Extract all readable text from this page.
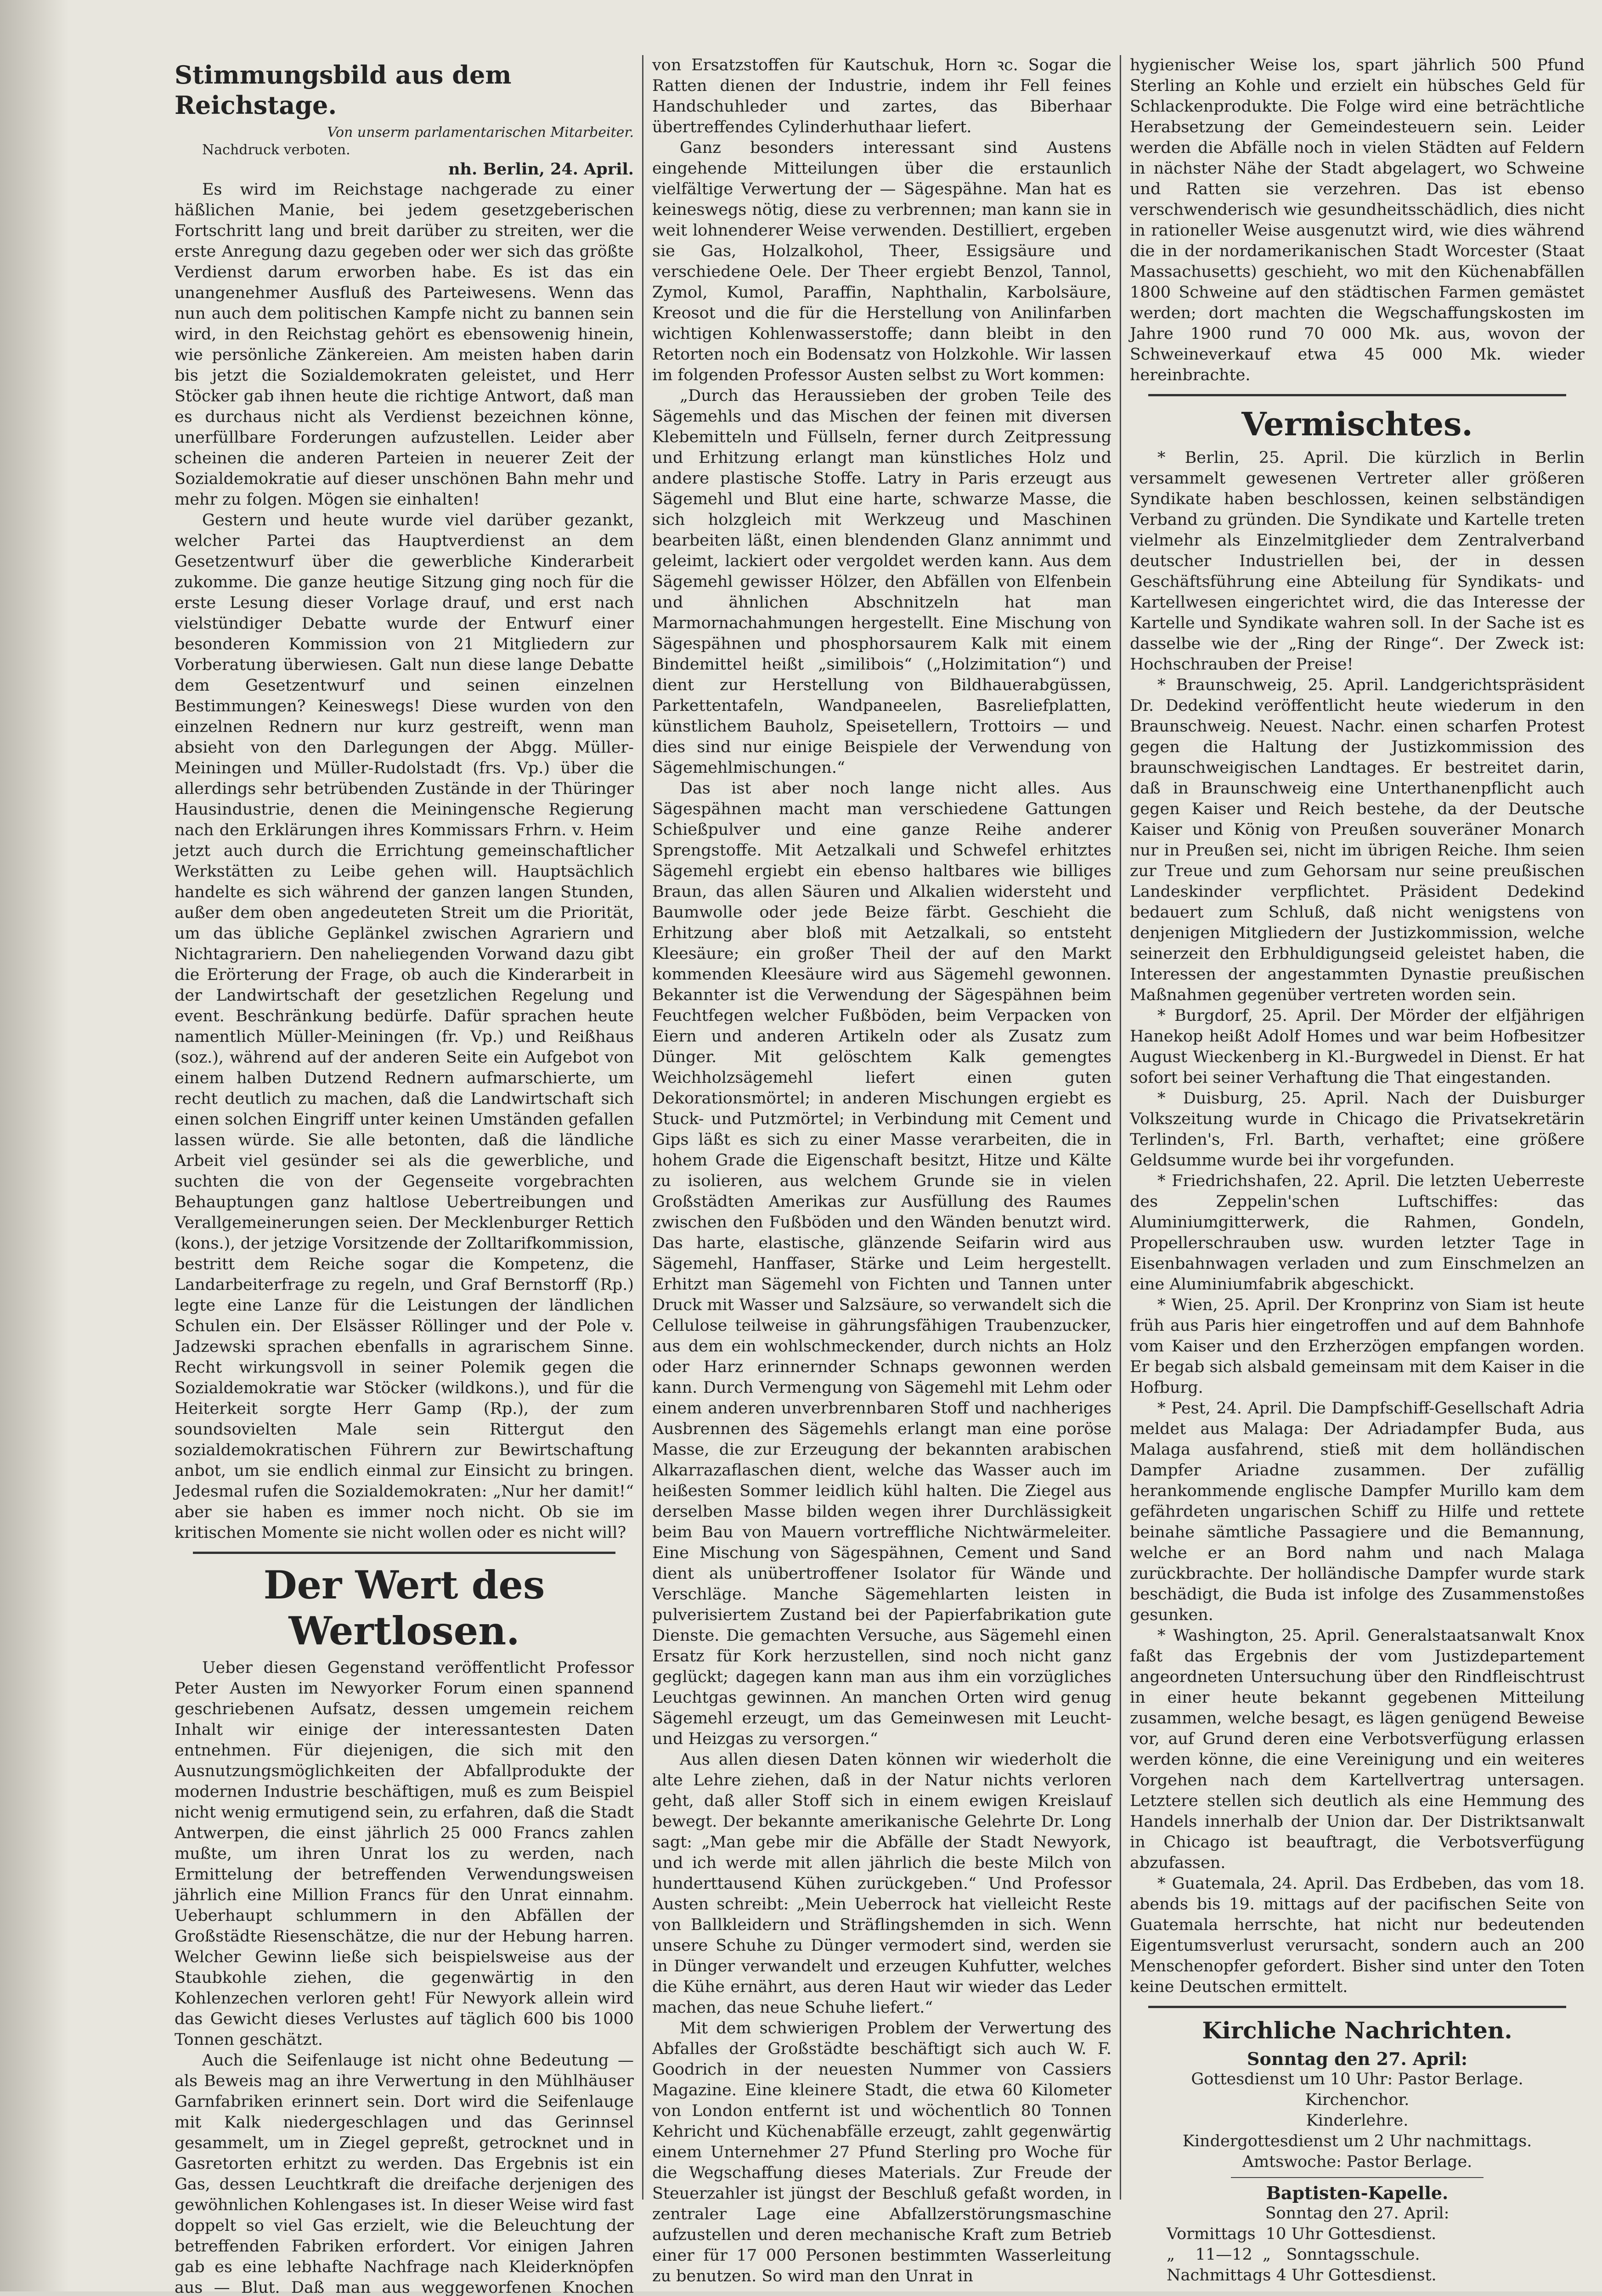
Stimmungsbild aus dem Reichstage.

Von unserm parlamentarischen Mitarbeiter.

Nachdruck verboten.

nh. Berlin, 24. April.

Es wird im Reichstage nachgerade zu einer häßlichen Manie, bei jedem gesetzgeberischen Fortschritt lang und breit darüber zu streiten, wer die erste Anregung dazu gegeben oder wer sich das größte Verdienst darum erworben habe. Es ist das ein unangenehmer Ausfluß des Parteiwesens. Wenn das nun auch dem politischen Kampfe nicht zu bannen sein wird, in den Reichstag gehört es ebensowenig hinein, wie persönliche Zänkereien. Am meisten haben darin bis jetzt die Sozialdemokraten geleistet, und Herr Stöcker gab ihnen heute die richtige Antwort, daß man es durchaus nicht als Verdienst bezeichnen könne, unerfüllbare Forderungen aufzustellen. Leider aber scheinen die anderen Parteien in neuerer Zeit der Sozialdemokratie auf dieser unschönen Bahn mehr und mehr zu folgen. Mögen sie einhalten!

Gestern und heute wurde viel darüber gezankt, welcher Partei das Hauptverdienst an dem Gesetzentwurf über die gewerbliche Kinderarbeit zukomme. Die ganze heutige Sitzung ging noch für die erste Lesung dieser Vorlage drauf, und erst nach vielstündiger Debatte wurde der Entwurf einer besonderen Kommission von 21 Mitgliedern zur Vorberatung überwiesen. Galt nun diese lange Debatte dem Gesetzentwurf und seinen einzelnen Bestimmungen? Keineswegs! Diese wurden von den einzelnen Rednern nur kurz gestreift, wenn man absieht von den Darlegungen der Abgg. Müller-Meiningen und Müller-Rudolstadt (frs. Vp.) über die allerdings sehr betrübenden Zustände in der Thüringer Hausindustrie, denen die Meiningensche Regierung nach den Erklärungen ihres Kommissars Frhrn. v. Heim jetzt auch durch die Errichtung gemeinschaftlicher Werkstätten zu Leibe gehen will. Hauptsächlich handelte es sich während der ganzen langen Stunden, außer dem oben angedeuteten Streit um die Priorität, um das übliche Geplänkel zwischen Agrariern und Nichtagrariern. Den naheliegenden Vorwand dazu gibt die Erörterung der Frage, ob auch die Kinderarbeit in der Landwirtschaft der gesetzlichen Regelung und event. Beschränkung bedürfe. Dafür sprachen heute namentlich Müller-Meiningen (fr. Vp.) und Reißhaus (soz.), während auf der anderen Seite ein Aufgebot von einem halben Dutzend Rednern aufmarschierte, um recht deutlich zu machen, daß die Landwirtschaft sich einen solchen Eingriff unter keinen Umständen gefallen lassen würde. Sie alle betonten, daß die ländliche Arbeit viel gesünder sei als die gewerbliche, und suchten die von der Gegenseite vorgebrachten Behauptungen ganz haltlose Uebertreibungen und Verallgemeinerungen seien. Der Mecklenburger Rettich (kons.), der jetzige Vorsitzende der Zolltarifkommission, bestritt dem Reiche sogar die Kompetenz, die Landarbeiterfrage zu regeln, und Graf Bernstorff (Rp.) legte eine Lanze für die Leistungen der ländlichen Schulen ein. Der Elsässer Röllinger und der Pole v. Jadzewski sprachen ebenfalls in agrarischem Sinne. Recht wirkungsvoll in seiner Polemik gegen die Sozialdemokratie war Stöcker (wildkons.), und für die Heiterkeit sorgte Herr Gamp (Rp.), der zum soundsovielten Male sein Rittergut den sozialdemokratischen Führern zur Bewirtschaftung anbot, um sie endlich einmal zur Einsicht zu bringen. Jedesmal rufen die Sozialdemokraten: „Nur her damit!“ aber sie haben es immer noch nicht. Ob sie im kritischen Momente sie nicht wollen oder es nicht will?

Der Wert des Wertlosen.

Ueber diesen Gegenstand veröffentlicht Professor Peter Austen im Newyorker Forum einen spannend geschriebenen Aufsatz, dessen umgemein reichem Inhalt wir einige der interessantesten Daten entnehmen. Für diejenigen, die sich mit den Ausnutzungsmöglichkeiten der Abfallprodukte der modernen Industrie beschäftigen, muß es zum Beispiel nicht wenig ermutigend sein, zu erfahren, daß die Stadt Antwerpen, die einst jährlich 25 000 Francs zahlen mußte, um ihren Unrat los zu werden, nach Ermittelung der betreffenden Verwendungsweisen jährlich eine Million Francs für den Unrat einnahm. Ueberhaupt schlummern in den Abfällen der Großstädte Riesenschätze, die nur der Hebung harren. Welcher Gewinn ließe sich beispielsweise aus der Staubkohle ziehen, die gegenwärtig in den Kohlenzechen verloren geht! Für Newyork allein wird das Gewicht dieses Verlustes auf täglich 600 bis 1000 Tonnen geschätzt.

Auch die Seifenlauge ist nicht ohne Bedeutung — als Beweis mag an ihre Verwertung in den Mühlhäuser Garnfabriken erinnert sein. Dort wird die Seifenlauge mit Kalk niedergeschlagen und das Gerinnsel gesammelt, um in Ziegel gepreßt, getrocknet und in Gasretorten erhitzt zu werden. Das Ergebnis ist ein Gas, dessen Leuchtkraft die dreifache derjenigen des gewöhnlichen Kohlengases ist. In dieser Weise wird fast doppelt so viel Gas erzielt, wie die Beleuchtung der betreffenden Fabriken erfordert. Vor einigen Jahren gab es eine lebhafte Nachfrage nach Kleiderknöpfen aus — Blut. Daß man aus weggeworfenen Knochen

von Ersatzstoffen für Kautschuk, Horn ꝛc. Sogar die Ratten dienen der Industrie, indem ihr Fell feines Handschuhleder und zartes, das Biberhaar übertreffendes Cylinderhuthaar liefert.

Ganz besonders interessant sind Austens eingehende Mitteilungen über die erstaunlich vielfältige Verwertung der — Sägespähne. Man hat es keineswegs nötig, diese zu verbrennen; man kann sie in weit lohnenderer Weise verwenden. Destilliert, ergeben sie Gas, Holzalkohol, Theer, Essigsäure und verschiedene Oele. Der Theer ergiebt Benzol, Tannol, Zymol, Kumol, Paraffin, Naphthalin, Karbolsäure, Kreosot und die für die Herstellung von Anilinfarben wichtigen Kohlenwasserstoffe; dann bleibt in den Retorten noch ein Bodensatz von Holzkohle. Wir lassen im folgenden Professor Austen selbst zu Wort kommen:

„Durch das Heraussieben der groben Teile des Sägemehls und das Mischen der feinen mit diversen Klebemitteln und Füllseln, ferner durch Zeitpressung und Erhitzung erlangt man künstliches Holz und andere plastische Stoffe. Latry in Paris erzeugt aus Sägemehl und Blut eine harte, schwarze Masse, die sich holzgleich mit Werkzeug und Maschinen bearbeiten läßt, einen blendenden Glanz annimmt und geleimt, lackiert oder vergoldet werden kann. Aus dem Sägemehl gewisser Hölzer, den Abfällen von Elfenbein und ähnlichen Abschnitzeln hat man Marmornachahmungen hergestellt. Eine Mischung von Sägespähnen und phosphorsaurem Kalk mit einem Bindemittel heißt „similibois“ („Holzimitation“) und dient zur Herstellung von Bildhauerabgüssen, Parkettentafeln, Wandpaneelen, Basreliefplatten, künstlichem Bauholz, Speisetellern, Trottoirs — und dies sind nur einige Beispiele der Verwendung von Sägemehlmischungen.“

Das ist aber noch lange nicht alles. Aus Sägespähnen macht man verschiedene Gattungen Schießpulver und eine ganze Reihe anderer Sprengstoffe. Mit Aetzalkali und Schwefel erhitztes Sägemehl ergiebt ein ebenso haltbares wie billiges Braun, das allen Säuren und Alkalien widersteht und Baumwolle oder jede Beize färbt. Geschieht die Erhitzung aber bloß mit Aetzalkali, so entsteht Kleesäure; ein großer Theil der auf den Markt kommenden Kleesäure wird aus Sägemehl gewonnen. Bekannter ist die Verwendung der Sägespähnen beim Feuchtfegen welcher Fußböden, beim Verpacken von Eiern und anderen Artikeln oder als Zusatz zum Dünger. Mit gelöschtem Kalk gemengtes Weichholzsägemehl liefert einen guten Dekorationsmörtel; in anderen Mischungen ergiebt es Stuck- und Putzmörtel; in Verbindung mit Cement und Gips läßt es sich zu einer Masse verarbeiten, die in hohem Grade die Eigenschaft besitzt, Hitze und Kälte zu isolieren, aus welchem Grunde sie in vielen Großstädten Amerikas zur Ausfüllung des Raumes zwischen den Fußböden und den Wänden benutzt wird. Das harte, elastische, glänzende Seifarin wird aus Sägemehl, Hanffaser, Stärke und Leim hergestellt. Erhitzt man Sägemehl von Fichten und Tannen unter Druck mit Wasser und Salzsäure, so verwandelt sich die Cellulose teilweise in gährungsfähigen Traubenzucker, aus dem ein wohlschmeckender, durch nichts an Holz oder Harz erinnernder Schnaps gewonnen werden kann. Durch Vermengung von Sägemehl mit Lehm oder einem anderen unverbrennbaren Stoff und nachheriges Ausbrennen des Sägemehls erlangt man eine poröse Masse, die zur Erzeugung der bekannten arabischen Alkarrazaflaschen dient, welche das Wasser auch im heißesten Sommer leidlich kühl halten. Die Ziegel aus derselben Masse bilden wegen ihrer Durchlässigkeit beim Bau von Mauern vortreffliche Nichtwärmeleiter. Eine Mischung von Sägespähnen, Cement und Sand dient als unübertroffener Isolator für Wände und Verschläge. Manche Sägemehlarten leisten in pulverisiertem Zustand bei der Papierfabrikation gute Dienste. Die gemachten Versuche, aus Sägemehl einen Ersatz für Kork herzustellen, sind noch nicht ganz geglückt; dagegen kann man aus ihm ein vorzügliches Leuchtgas gewinnen. An manchen Orten wird genug Sägemehl erzeugt, um das Gemeinwesen mit Leucht- und Heizgas zu versorgen.“

Aus allen diesen Daten können wir wiederholt die alte Lehre ziehen, daß in der Natur nichts verloren geht, daß aller Stoff sich in einem ewigen Kreislauf bewegt. Der bekannte amerikanische Gelehrte Dr. Long sagt: „Man gebe mir die Abfälle der Stadt Newyork, und ich werde mit allen jährlich die beste Milch von hunderttausend Kühen zurückgeben.“ Und Professor Austen schreibt: „Mein Ueberrock hat vielleicht Reste von Ballkleidern und Sträflingshemden in sich. Wenn unsere Schuhe zu Dünger vermodert sind, werden sie in Dünger verwandelt und erzeugen Kuhfutter, welches die Kühe ernährt, aus deren Haut wir wieder das Leder machen, das neue Schuhe liefert.“

Mit dem schwierigen Problem der Verwertung des Abfalles der Großstädte beschäftigt sich auch W. F. Goodrich in der neuesten Nummer von Cassiers Magazine. Eine kleinere Stadt, die etwa 60 Kilometer von London entfernt ist und wöchentlich 80 Tonnen Kehricht und Küchenabfälle erzeugt, zahlt gegenwärtig einem Unternehmer 27 Pfund Sterling pro Woche für die Wegschaffung dieses Materials. Zur Freude der Steuerzahler ist jüngst der Beschluß gefaßt worden, in zentraler Lage eine Abfallzerstörungsmaschine aufzustellen und deren mechanische Kraft zum Betrieb einer für 17 000 Personen bestimmten Wasserleitung zu benutzen. So wird man den Unrat in

hygienischer Weise los, spart jährlich 500 Pfund Sterling an Kohle und erzielt ein hübsches Geld für Schlackenprodukte. Die Folge wird eine beträchtliche Herabsetzung der Gemeindesteuern sein. Leider werden die Abfälle noch in vielen Städten auf Feldern in nächster Nähe der Stadt abgelagert, wo Schweine und Ratten sie verzehren. Das ist ebenso verschwenderisch wie gesundheitsschädlich, dies nicht in rationeller Weise ausgenutzt wird, wie dies während die in der nordamerikanischen Stadt Worcester (Staat Massachusetts) geschieht, wo mit den Küchenabfällen 1800 Schweine auf den städtischen Farmen gemästet werden; dort machten die Wegschaffungskosten im Jahre 1900 rund 70 000 Mk. aus, wovon der Schweineverkauf etwa 45 000 Mk. wieder hereinbrachte.

Vermischtes.

* Berlin, 25. April. Die kürzlich in Berlin versammelt gewesenen Vertreter aller größeren Syndikate haben beschlossen, keinen selbständigen Verband zu gründen. Die Syndikate und Kartelle treten vielmehr als Einzelmitglieder dem Zentralverband deutscher Industriellen bei, der in dessen Geschäftsführung eine Abteilung für Syndikats- und Kartellwesen eingerichtet wird, die das Interesse der Kartelle und Syndikate wahren soll. In der Sache ist es dasselbe wie der „Ring der Ringe“. Der Zweck ist: Hochschrauben der Preise!

* Braunschweig, 25. April. Landgerichtspräsident Dr. Dedekind veröffentlicht heute wiederum in den Braunschweig. Neuest. Nachr. einen scharfen Protest gegen die Haltung der Justizkommission des braunschweigischen Landtages. Er bestreitet darin, daß in Braunschweig eine Unterthanenpflicht auch gegen Kaiser und Reich bestehe, da der Deutsche Kaiser und König von Preußen souveräner Monarch nur in Preußen sei, nicht im übrigen Reiche. Ihm seien zur Treue und zum Gehorsam nur seine preußischen Landeskinder verpflichtet. Präsident Dedekind bedauert zum Schluß, daß nicht wenigstens von denjenigen Mitgliedern der Justizkommission, welche seinerzeit den Erbhuldigungseid geleistet haben, die Interessen der angestammten Dynastie preußischen Maßnahmen gegenüber vertreten worden sein.

* Burgdorf, 25. April. Der Mörder der elfjährigen Hanekop heißt Adolf Homes und war beim Hofbesitzer August Wieckenberg in Kl.-Burgwedel in Dienst. Er hat sofort bei seiner Verhaftung die That eingestanden.

* Duisburg, 25. April. Nach der Duisburger Volkszeitung wurde in Chicago die Privatsekretärin Terlinden's, Frl. Barth, verhaftet; eine größere Geldsumme wurde bei ihr vorgefunden.

* Friedrichshafen, 22. April. Die letzten Ueberreste des Zeppelin'schen Luftschiffes: das Aluminiumgitterwerk, die Rahmen, Gondeln, Propellerschrauben usw. wurden letzter Tage in Eisenbahnwagen verladen und zum Einschmelzen an eine Aluminiumfabrik abgeschickt.

* Wien, 25. April. Der Kronprinz von Siam ist heute früh aus Paris hier eingetroffen und auf dem Bahnhofe vom Kaiser und den Erzherzögen empfangen worden. Er begab sich alsbald gemeinsam mit dem Kaiser in die Hofburg.

* Pest, 24. April. Die Dampfschiff-Gesellschaft Adria meldet aus Malaga: Der Adriadampfer Buda, aus Malaga ausfahrend, stieß mit dem holländischen Dampfer Ariadne zusammen. Der zufällig herankommende englische Dampfer Murillo kam dem gefährdeten ungarischen Schiff zu Hilfe und rettete beinahe sämtliche Passagiere und die Bemannung, welche er an Bord nahm und nach Malaga zurückbrachte. Der holländische Dampfer wurde stark beschädigt, die Buda ist infolge des Zusammenstoßes gesunken.

* Washington, 25. April. Generalstaatsanwalt Knox faßt das Ergebnis der vom Justizdepartement angeordneten Untersuchung über den Rindfleischtrust in einer heute bekannt gegebenen Mitteilung zusammen, welche besagt, es lägen genügend Beweise vor, auf Grund deren eine Verbotsverfügung erlassen werden könne, die eine Vereinigung und ein weiteres Vorgehen nach dem Kartellvertrag untersagen. Letztere stellen sich deutlich als eine Hemmung des Handels innerhalb der Union dar. Der Distriktsanwalt in Chicago ist beauftragt, die Verbotsverfügung abzufassen.

* Guatemala, 24. April. Das Erdbeben, das vom 18. abends bis 19. mittags auf der pacifischen Seite von Guatemala herrschte, hat nicht nur bedeutenden Eigentumsverlust verursacht, sondern auch an 200 Menschenopfer gefordert. Bisher sind unter den Toten keine Deutschen ermittelt.

Kirchliche Nachrichten.

Sonntag den 27. April:

Gottesdienst um 10 Uhr: Pastor Berlage.

Kirchenchor.

Kinderlehre.

Kindergottesdienst um 2 Uhr nachmittags.

Amtswoche: Pastor Berlage.

Baptisten-Kapelle.

Sonntag den 27. April:

Vormittags  10 Uhr Gottesdienst.

„    11—12  „   Sonntagsschule.

Nachmittags 4 Uhr Gottesdienst.
